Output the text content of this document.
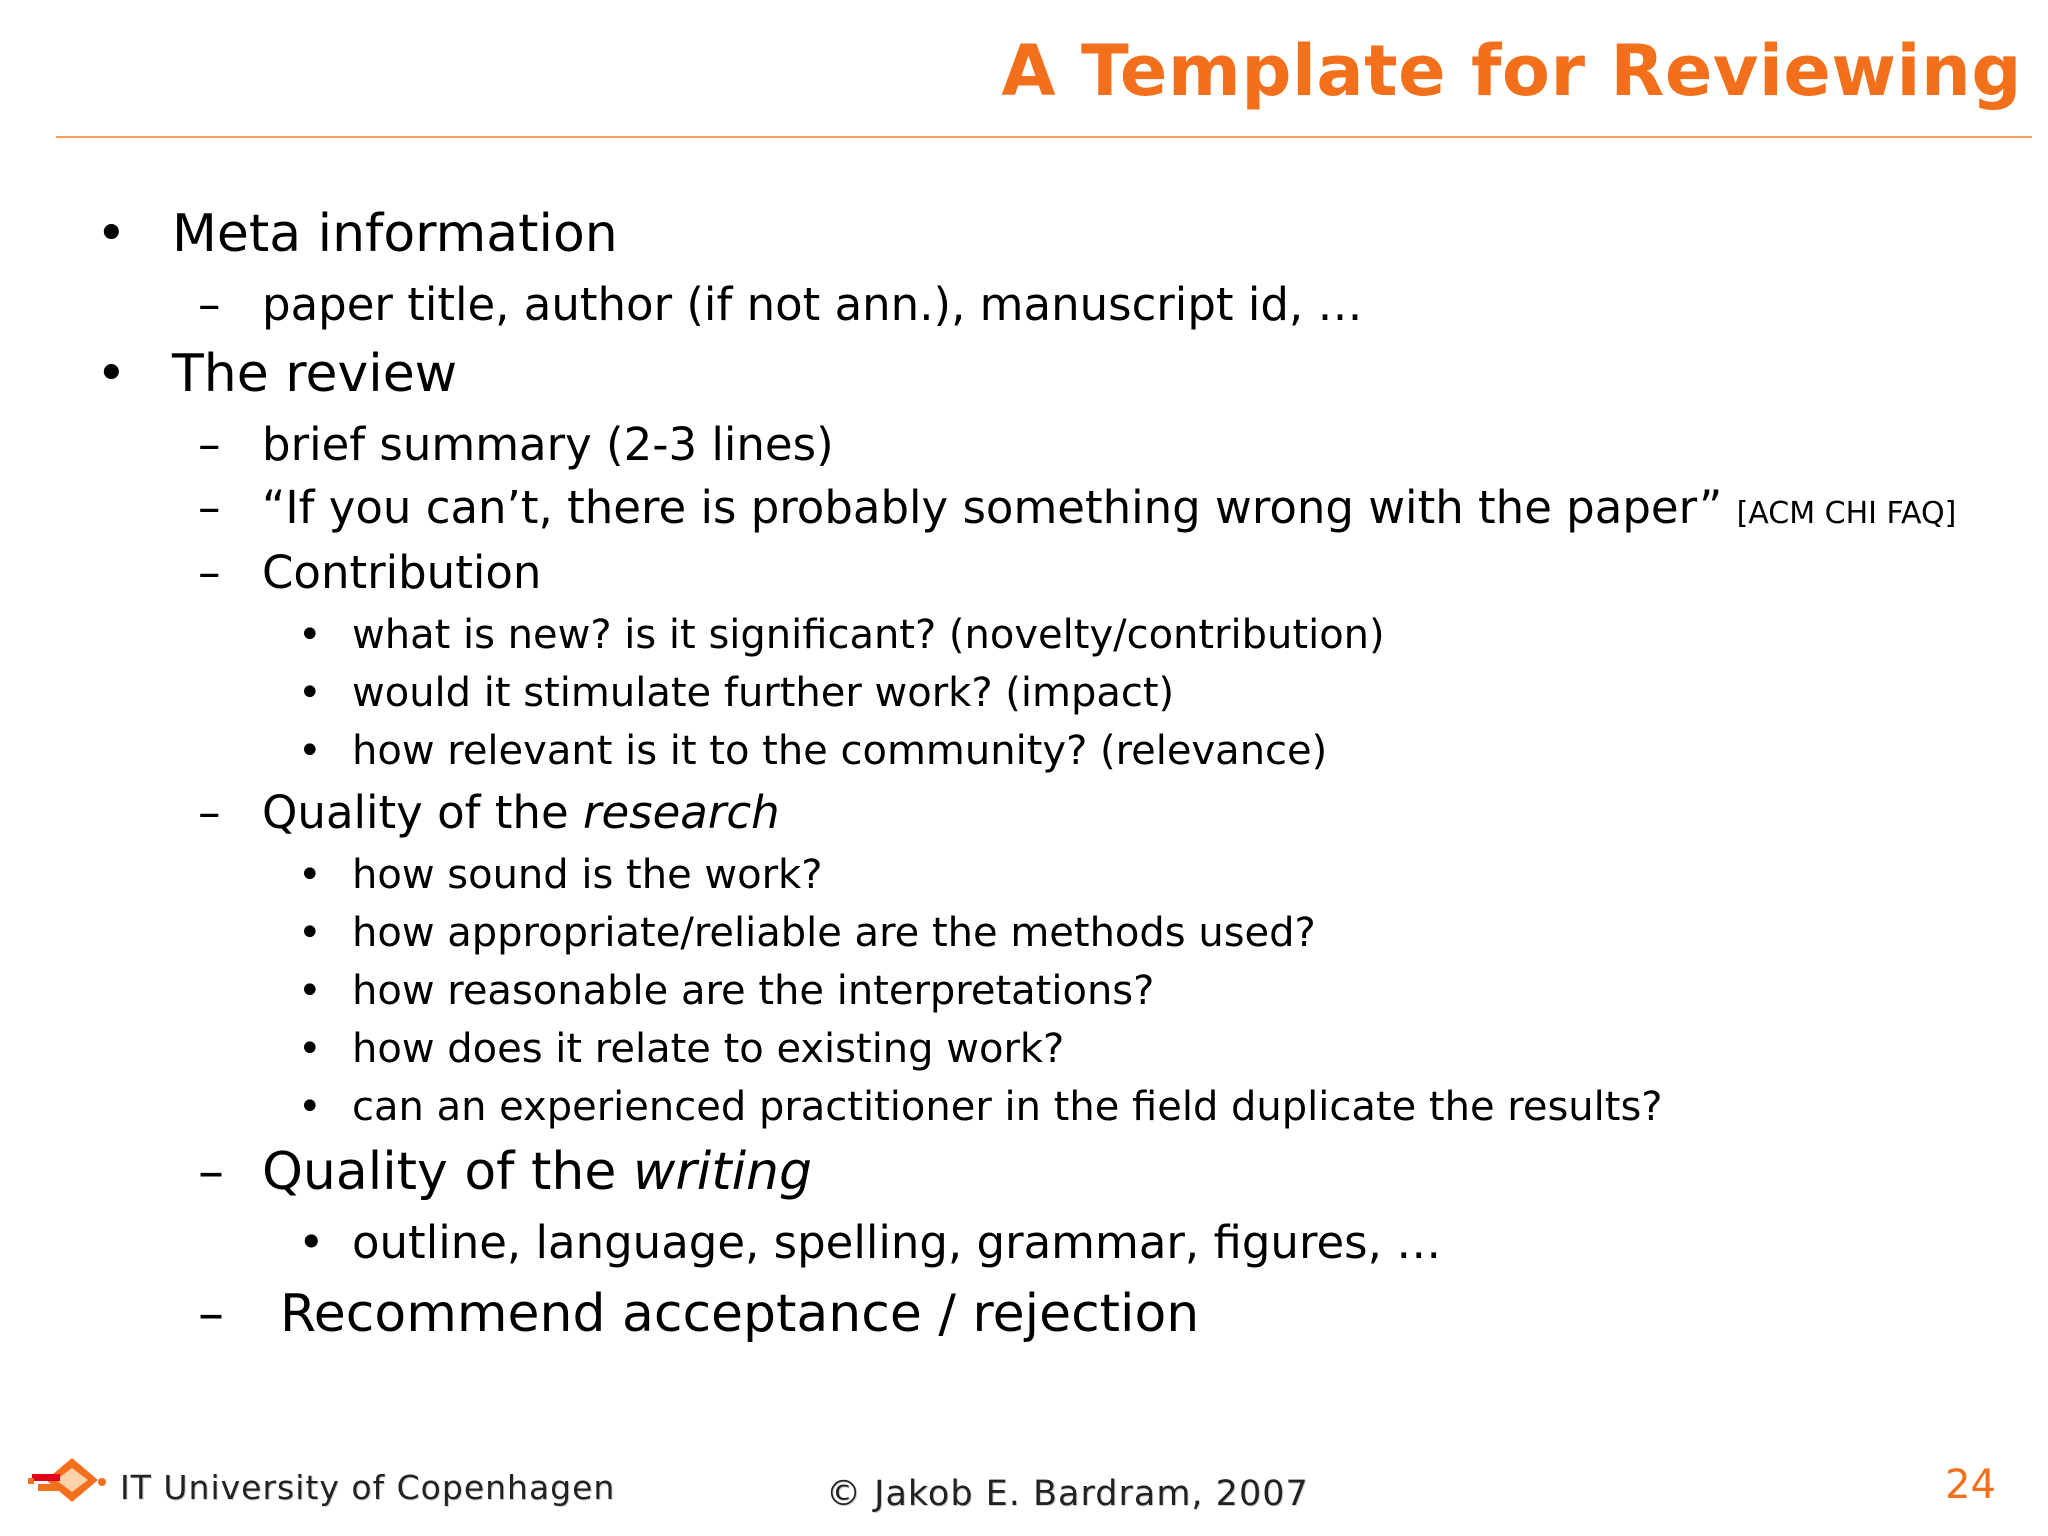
A Template for Reviewing
• Meta information
– paper title, author (if not ann.), manuscript id, …
• The review
– brief summary (2-3 lines)
– “If you can’t, there is probably something wrong with the paper” [ACM CHI FAQ]
– Contribution
• what is new? is it significant? (novelty/contribution)
• would it stimulate further work? (impact)
• how relevant is it to the community? (relevance)
– Quality of the research
• how sound is the work?
• how appropriate/reliable are the methods used?
• how reasonable are the interpretations?
• how does it relate to existing work?
• can an experienced practitioner in the field duplicate the results?
– Quality of the writing
• outline, language, spelling, grammar, figures, …
– Recommend acceptance / rejection
IT University of Copenhagen	© Jakob E. Bardram, 2007	24
